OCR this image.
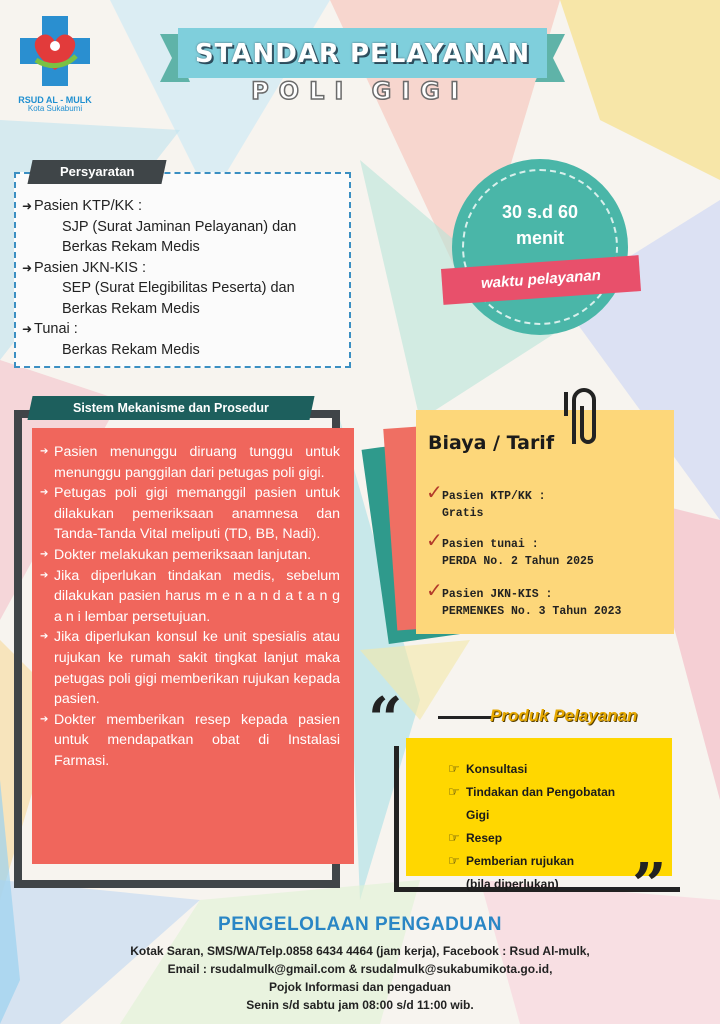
RSUD AL - MULK
Kota Sukabumi
STANDAR PELAYANAN
POLI GIGI
Persyaratan
➜ Pasien KTP/KK :
SJP (Surat Jaminan Pelayanan) dan
Berkas Rekam Medis
➜ Pasien JKN-KIS :
SEP (Surat Elegibilitas Peserta) dan
Berkas Rekam Medis
➜ Tunai :
Berkas Rekam Medis
30 s.d 60
menit
waktu pelayanan
Sistem Mekanisme dan Prosedur
➔ Pasien menunggu diruang tunggu untuk menunggu panggilan dari petugas poli gigi.
➔ Petugas poli gigi memanggil pasien untuk dilakukan pemeriksaan anamnesa dan Tanda-Tanda Vital meliputi (TD, BB, Nadi).
➔ Dokter melakukan pemeriksaan lanjutan.
➔ Jika diperlukan tindakan medis, sebelum dilakukan pasien harus m e n a n d a t a n g a n i lembar persetujuan.
➔ Jika diperlukan konsul ke unit spesialis atau rujukan ke rumah sakit tingkat lanjut maka petugas poli gigi memberikan rujukan kepada pasien.
➔ Dokter memberikan resep kepada pasien untuk mendapatkan obat di Instalasi Farmasi.
Biaya / Tarif
✓ Pasien KTP/KK :
Gratis
✓ Pasien tunai :
PERDA No. 2 Tahun 2025
✓ Pasien JKN-KIS :
PERMENKES No. 3 Tahun 2023
“
”
Produk Pelayanan
☞ Konsultasi
☞ Tindakan dan Pengobatan
Gigi
☞ Resep
☞ Pemberian rujukan
(bila diperlukan)
PENGELOLAAN PENGADUAN
Kotak Saran, SMS/WA/Telp.0858 6434 4464 (jam kerja), Facebook : Rsud Al-mulk,
Email : rsudalmulk@gmail.com & rsudalmulk@sukabumikota.go.id,
Pojok Informasi dan pengaduan
Senin s/d sabtu jam 08:00 s/d 11:00 wib.
